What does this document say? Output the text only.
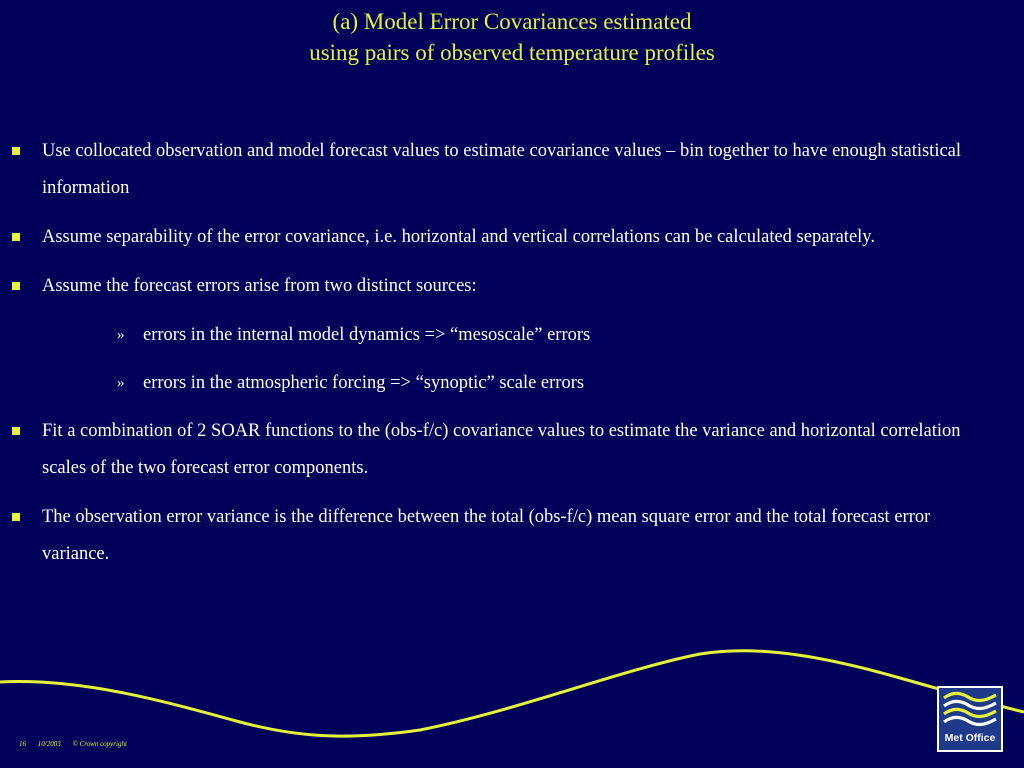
(a) Model Error Covariances estimated
using pairs of observed temperature profiles
Use collocated observation and model forecast values to estimate covariance values – bin together to have enough statistical information
Assume separability of the error covariance, i.e. horizontal and vertical correlations can be calculated separately.
Assume the forecast errors arise from two distinct sources:
» errors in the internal model dynamics => “mesoscale” errors
» errors in the atmospheric forcing => “synoptic” scale errors
Fit a combination of 2 SOAR functions to the (obs-f/c) covariance values to estimate the variance and horizontal correlation scales of the two forecast error components.
The observation error variance is the difference between the total (obs-f/c) mean square error and the total forecast error variance.
16 10/2003 © Crown copyright	Met Office
